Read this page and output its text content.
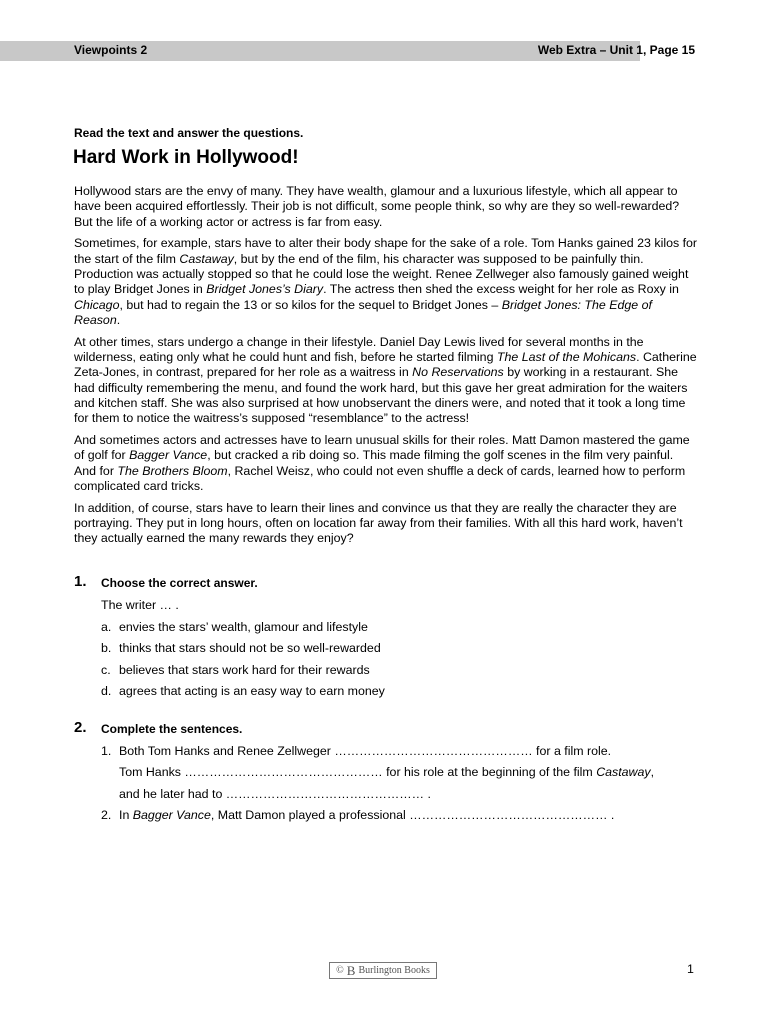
Viewpoints 2	Web Extra – Unit 1, Page 15
Read the text and answer the questions.
Hard Work in Hollywood!

Hollywood stars are the envy of many. They have wealth, glamour and a luxurious lifestyle, which all appear to have been acquired effortlessly. Their job is not difficult, some people think, so why are they so well-rewarded? But the life of a working actor or actress is far from easy.

Sometimes, for example, stars have to alter their body shape for the sake of a role. Tom Hanks gained 23 kilos for the start of the film Castaway, but by the end of the film, his character was supposed to be painfully thin. Production was actually stopped so that he could lose the weight. Renee Zellweger also famously gained weight to play Bridget Jones in Bridget Jones’s Diary. The actress then shed the excess weight for her role as Roxy in Chicago, but had to regain the 13 or so kilos for the sequel to Bridget Jones – Bridget Jones: The Edge of Reason.

At other times, stars undergo a change in their lifestyle. Daniel Day Lewis lived for several months in the wilderness, eating only what he could hunt and fish, before he started filming The Last of the Mohicans. Catherine Zeta-Jones, in contrast, prepared for her role as a waitress in No Reservations by working in a restaurant. She had difficulty remembering the menu, and found the work hard, but this gave her great admiration for the waiters and kitchen staff. She was also surprised at how unobservant the diners were, and noted that it took a long time for them to notice the waitress’s supposed “resemblance” to the actress!

And sometimes actors and actresses have to learn unusual skills for their roles. Matt Damon mastered the game of golf for Bagger Vance, but cracked a rib doing so. This made filming the golf scenes in the film very painful. And for The Brothers Bloom, Rachel Weisz, who could not even shuffle a deck of cards, learned how to perform complicated card tricks.

In addition, of course, stars have to learn their lines and convince us that they are really the character they are portraying. They put in long hours, often on location far away from their families. With all this hard work, haven’t they actually earned the many rewards they enjoy?

1. Choose the correct answer.
The writer … .
a. envies the stars’ wealth, glamour and lifestyle
b. thinks that stars should not be so well-rewarded
c. believes that stars work hard for their rewards
d. agrees that acting is an easy way to earn money
2. Complete the sentences.
1. Both Tom Hanks and Renee Zellweger ………………………………………… for a film role.
Tom Hanks ………………………………………… for his role at the beginning of the film Castaway,
and he later had to ………………………………………… .
2. In Bagger Vance, Matt Damon played a professional ………………………………………… .
© B Burlington Books	1
